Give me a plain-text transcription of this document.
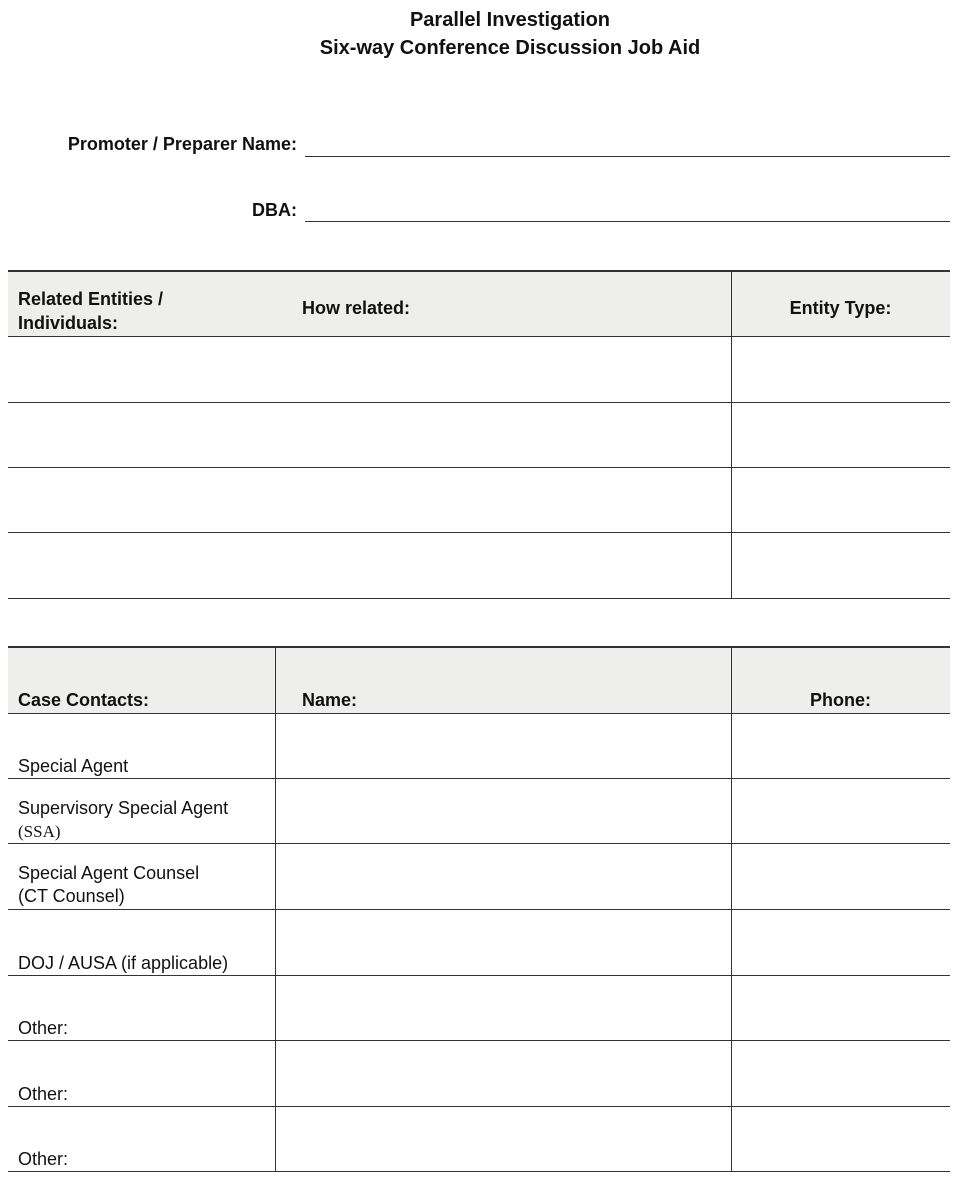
Parallel Investigation
Six-way Conference Discussion Job Aid
Promoter / Preparer Name:
DBA:
Related Entities /
Individuals:
How related:	Entity Type:
Case Contacts:	Name:	Phone:
Special Agent
Supervisory Special Agent
(SSA)
Special Agent Counsel
(CT Counsel)
DOJ / AUSA (if applicable)
Other:
Other:
Other:
